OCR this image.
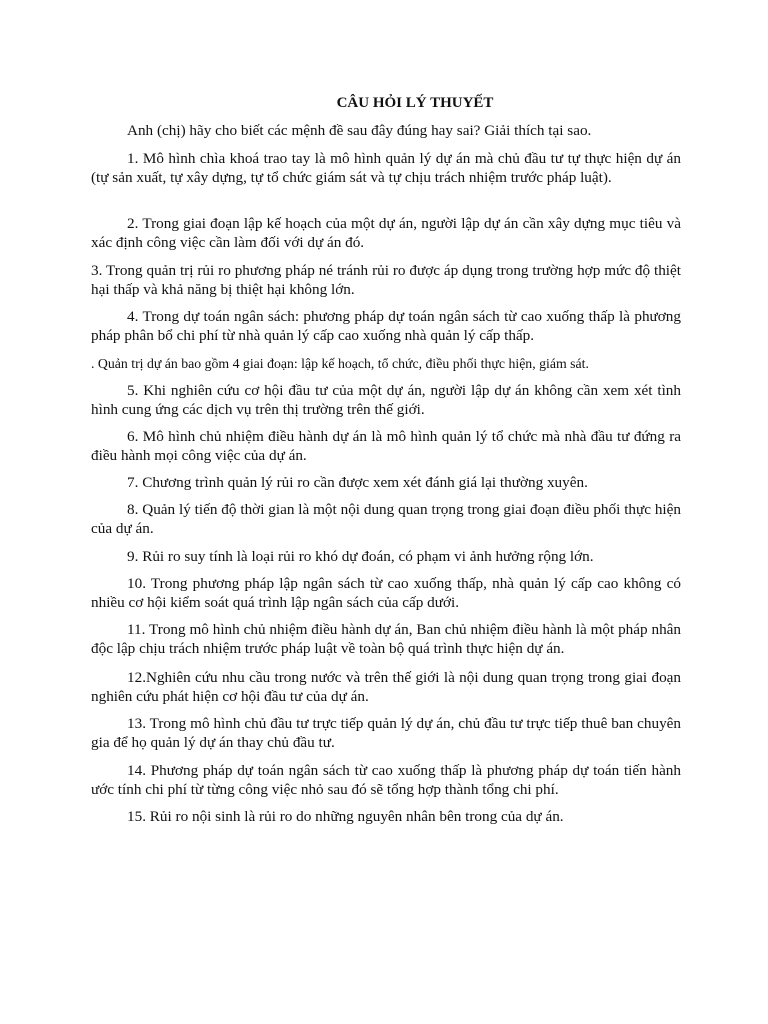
CÂU HỎI LÝ THUYẾT

Anh (chị) hãy cho biết các mệnh đề sau đây đúng hay sai? Giải thích tại sao.

1. Mô hình chìa khoá trao tay là mô hình quản lý dự án mà chủ đầu tư tự thực hiện dự án (tự sản xuất, tự xây dựng, tự tổ chức giám sát và tự chịu trách nhiệm trước pháp luật).

2. Trong giai đoạn lập kế hoạch của một dự án, người lập dự án cần xây dựng mục tiêu và xác định công việc cần làm đối với dự án đó.

3. Trong quản trị rủi ro phương pháp né tránh rủi ro được áp dụng trong trường hợp mức độ thiệt hại thấp và khả năng bị thiệt hại không lớn.

4. Trong dự toán ngân sách: phương pháp dự toán ngân sách từ cao xuống thấp là phương pháp phân bổ chi phí từ nhà quản lý cấp cao xuống nhà quản lý cấp thấp.

. Quản trị dự án bao gồm 4 giai đoạn: lập kế hoạch, tổ chức, điều phối thực hiện, giám sát.

5. Khi nghiên cứu cơ hội đầu tư của một dự án, người lập dự án không cần xem xét tình hình cung ứng các dịch vụ trên thị trường trên thế giới.

6. Mô hình chủ nhiệm điều hành dự án là mô hình quản lý tổ chức mà nhà đầu tư đứng ra điều hành mọi công việc của dự án.

7. Chương trình quản lý rủi ro cần được xem xét đánh giá lại thường xuyên.

8. Quản lý tiến độ thời gian là một nội dung quan trọng trong giai đoạn điều phối thực hiện của dự án.

9. Rủi ro suy tính là loại rủi ro khó dự đoán, có phạm vi ảnh hưởng rộng lớn.

10. Trong phương pháp lập ngân sách từ cao xuống thấp, nhà quản lý cấp cao không có nhiều cơ hội kiểm soát quá trình lập ngân sách của cấp dưới.

11. Trong mô hình chủ nhiệm điều hành dự án, Ban chủ nhiệm điều hành là một pháp nhân độc lập chịu trách nhiệm trước pháp luật về toàn bộ quá trình thực hiện dự án.

12.Nghiên cứu nhu cầu trong nước và trên thế giới là nội dung quan trọng trong giai đoạn nghiên cứu phát hiện cơ hội đầu tư của dự án.

13. Trong mô hình chủ đầu tư trực tiếp quản lý dự án, chủ đầu tư trực tiếp thuê ban chuyên gia để họ quản lý dự án thay chủ đầu tư.

14. Phương pháp dự toán ngân sách từ cao xuống thấp là phương pháp dự toán tiến hành ước tính chi phí từ từng công việc nhỏ sau đó sẽ tổng hợp thành tổng chi phí.

15. Rủi ro nội sinh là rủi ro do những nguyên nhân bên trong của dự án.
